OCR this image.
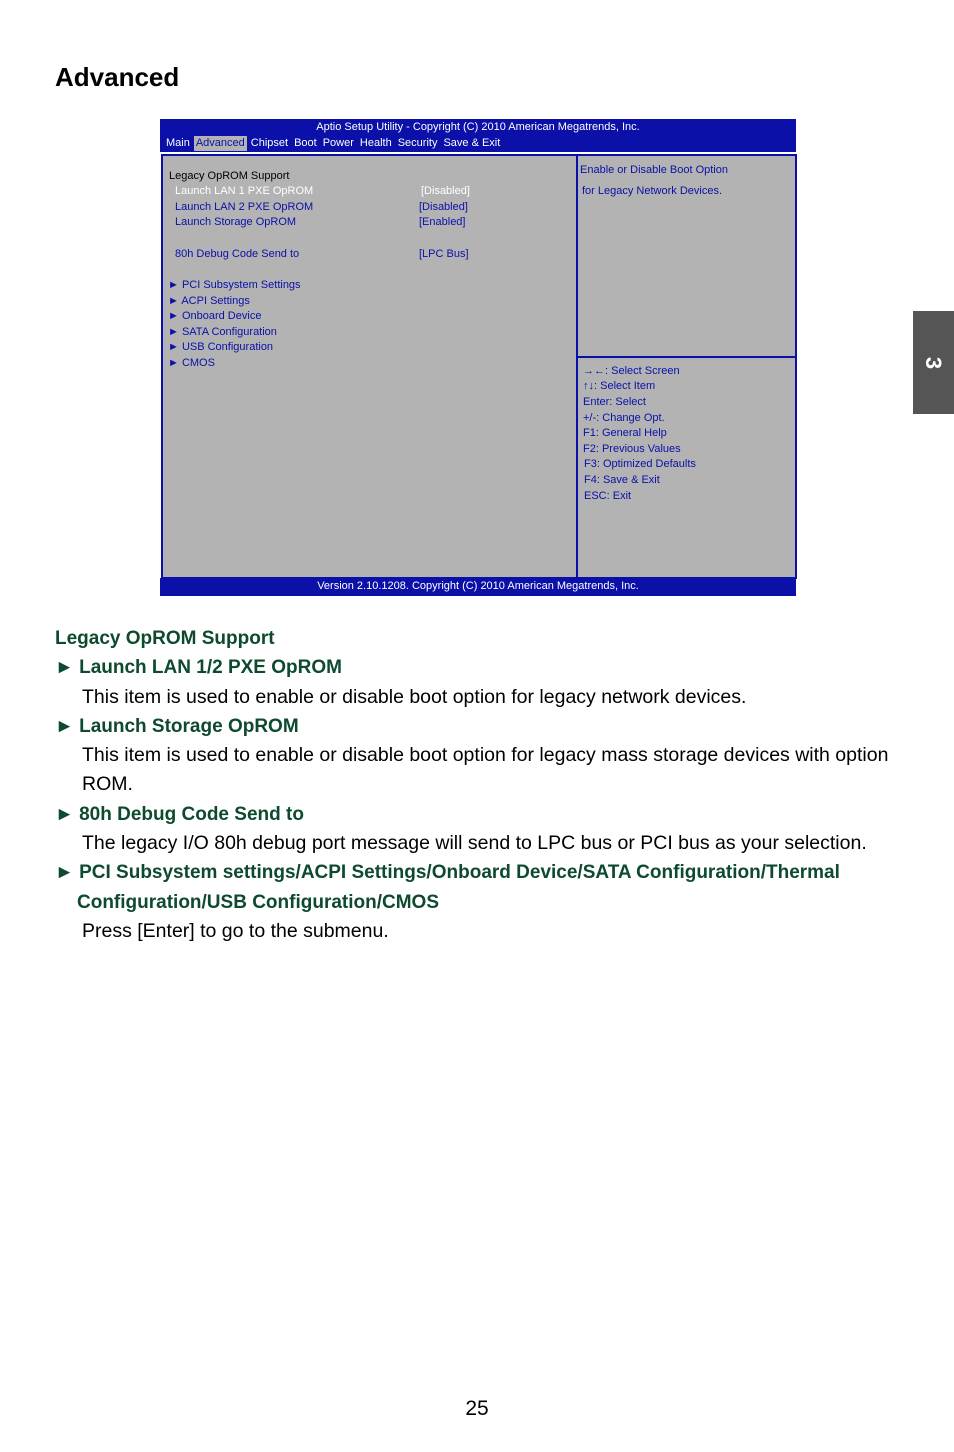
Advanced
3
Aptio Setup Utility - Copyright (C) 2010 American Megatrends, Inc.
Main Advanced Chipset Boot Power Health Security Save & Exit
Legacy OpROM Support
Launch LAN 1 PXE OpROM	[Disabled]
Launch LAN 2 PXE OpROM	[Disabled]
Launch Storage OpROM	[Enabled]
80h Debug Code Send to	[LPC Bus]
► PCI Subsystem Settings
► ACPI Settings
► Onboard Device
► SATA Configuration
► USB Configuration
► CMOS
Enable or Disable Boot Option
for Legacy Network Devices.
→←: Select Screen
↑↓: Select Item
Enter: Select
+/-: Change Opt.
F1: General Help
F2: Previous Values
F3: Optimized Defaults
F4: Save & Exit
ESC: Exit
Version 2.10.1208. Copyright (C) 2010 American Megatrends, Inc.
Legacy OpROM Support
► Launch LAN 1/2 PXE OpROM
This item is used to enable or disable boot option for legacy network devices.
► Launch Storage OpROM
This item is used to enable or disable boot option for legacy mass storage devices with option
ROM.
► 80h Debug Code Send to
The legacy I/O 80h debug port message will send to LPC bus or PCI bus as your selection.
► PCI Subsystem settings/ACPI Settings/Onboard Device/SATA Configuration/Thermal
Configuration/USB Configuration/CMOS
Press [Enter] to go to the submenu.
25
